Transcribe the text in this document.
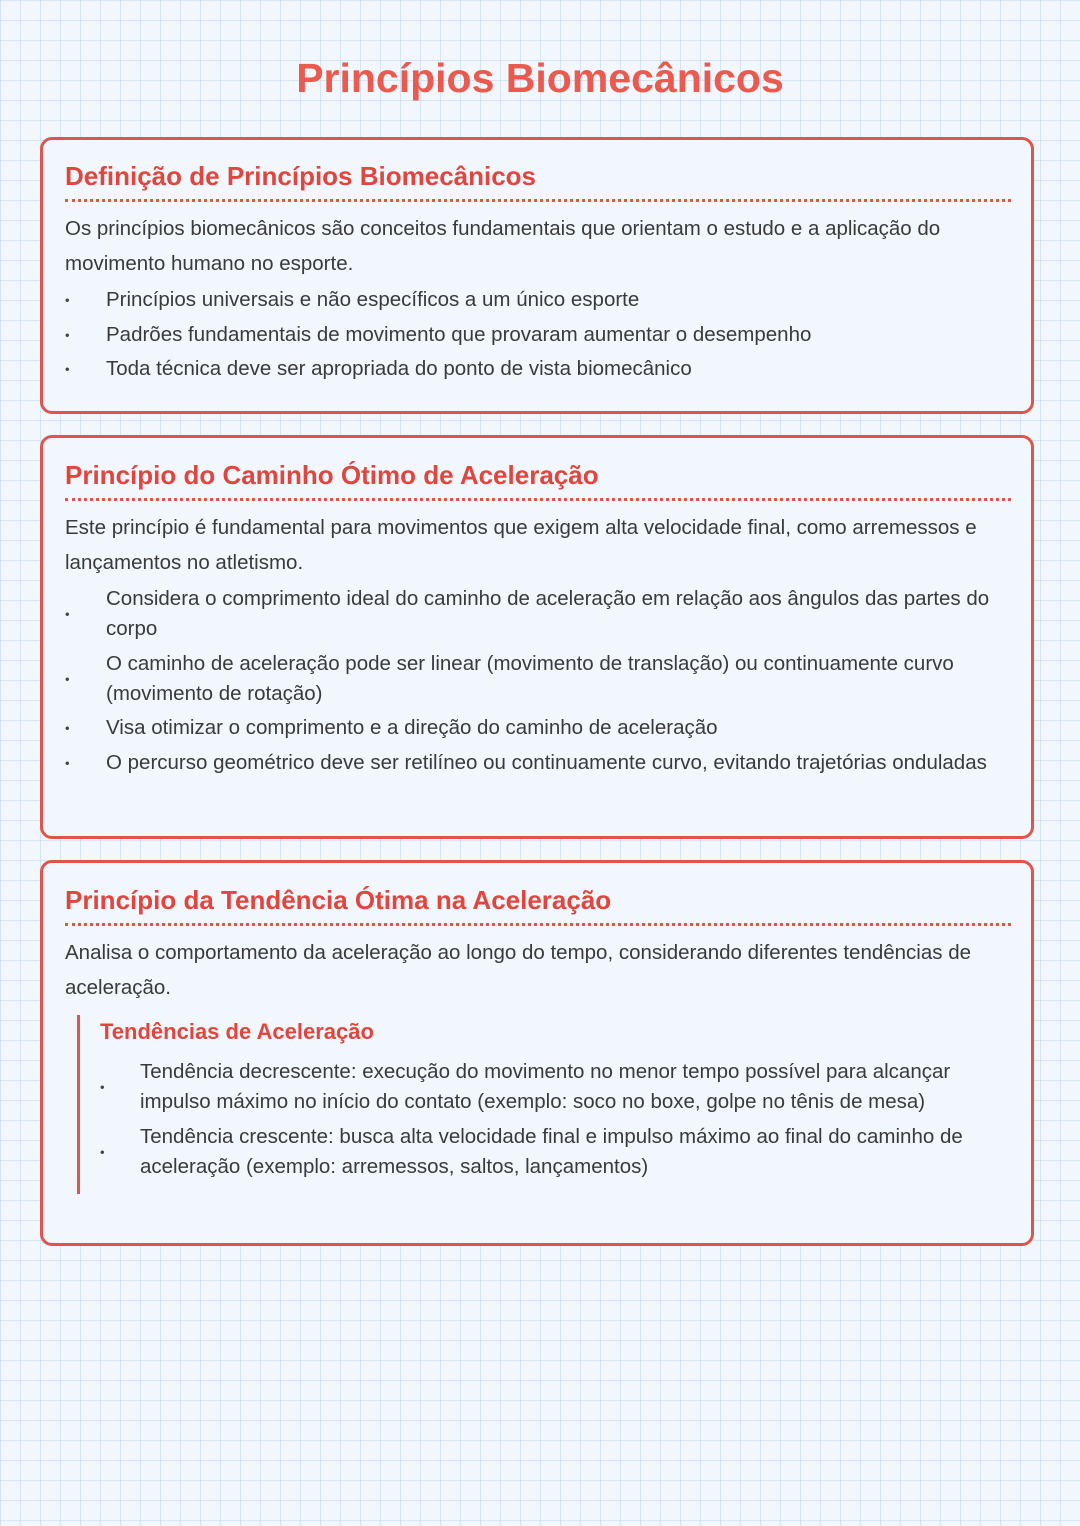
Princípios Biomecânicos
Definição de Princípios Biomecânicos

Os princípios biomecânicos são conceitos fundamentais que orientam o estudo e a aplicação do movimento humano no esporte.

• Princípios universais e não específicos a um único esporte
• Padrões fundamentais de movimento que provaram aumentar o desempenho
• Toda técnica deve ser apropriada do ponto de vista biomecânico
Princípio do Caminho Ótimo de Aceleração

Este princípio é fundamental para movimentos que exigem alta velocidade final, como arremessos e lançamentos no atletismo.

•
Considera o comprimento ideal do caminho de aceleração em relação aos ângulos das partes do corpo
•
O caminho de aceleração pode ser linear (movimento de translação) ou continuamente curvo (movimento de rotação)
• Visa otimizar o comprimento e a direção do caminho de aceleração
• O percurso geométrico deve ser retilíneo ou continuamente curvo, evitando trajetórias onduladas
Princípio da Tendência Ótima na Aceleração

Analisa o comportamento da aceleração ao longo do tempo, considerando diferentes tendências de aceleração.

Tendências de Aceleração
•
Tendência decrescente: execução do movimento no menor tempo possível para alcançar impulso máximo no início do contato (exemplo: soco no boxe, golpe no tênis de mesa)
•
Tendência crescente: busca alta velocidade final e impulso máximo ao final do caminho de aceleração (exemplo: arremessos, saltos, lançamentos)
